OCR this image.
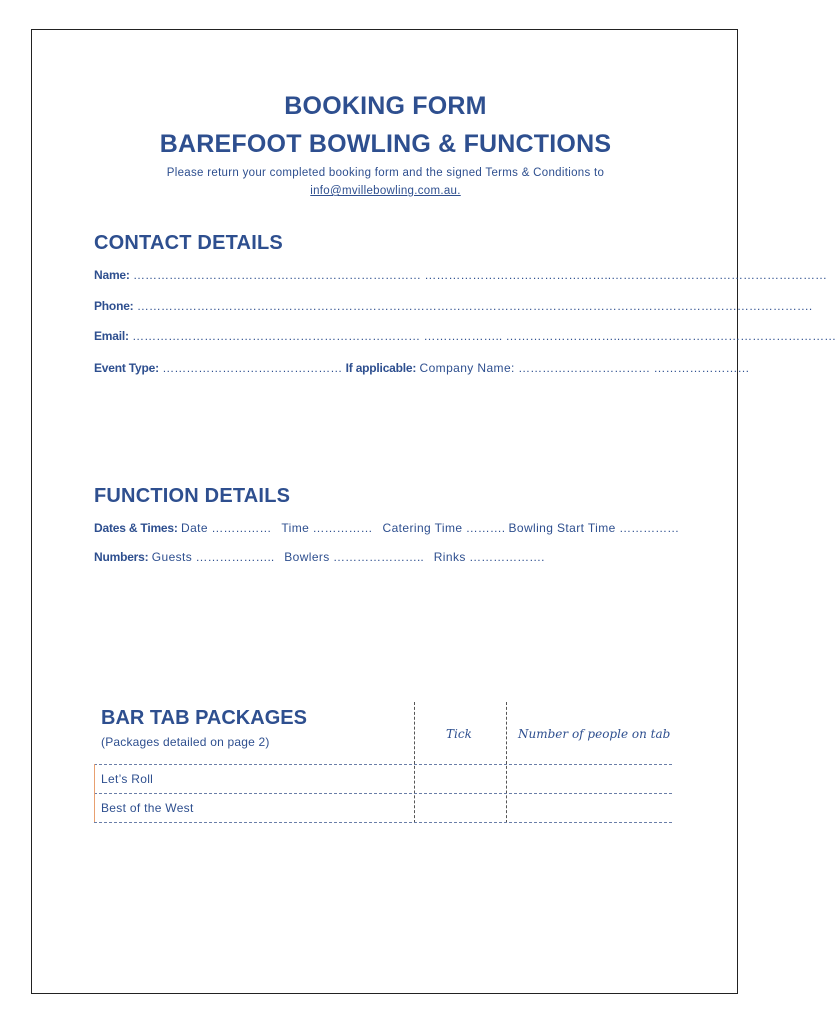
BOOKING FORM
BAREFOOT BOWLING & FUNCTIONS
Please return your completed booking form and the signed Terms & Conditions to
info@mvillebowling.com.au.
CONTACT DETAILS
Name: ……………………………………………………………… ………………………………………..………………………………………………
Phone: …………………………………………………………………………………………………………………………………………………….
Email: ……………………………………………………………… ……………….. ………………………..………………………………………………
Event Type: ……………………………………… If applicable: Company Name: …………………………… ……………………
FUNCTION DETAILS
Dates & Times: Date …………… Time …………… Catering Time ………. Bowling Start Time ……………
Numbers: Guests ……………….. Bowlers ………………….. Rinks ……………….
BAR TAB PACKAGES
(Packages detailed on page 2)
Tick	Number of people on tab
Let’s Roll
Best of the West
